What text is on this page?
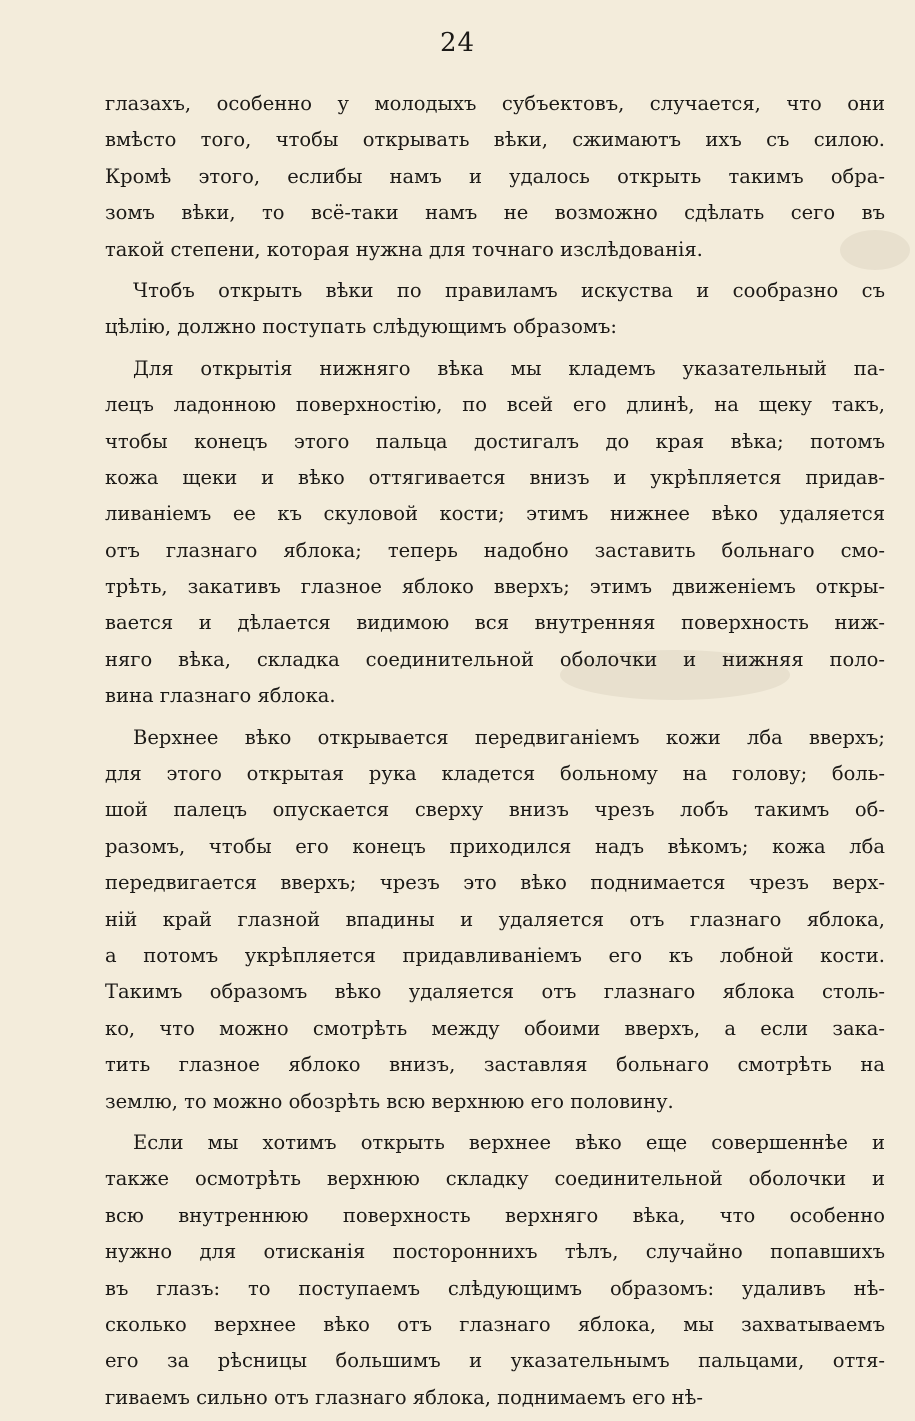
24
глазахъ, особенно у молодыхъ субъектовъ, случается, что они
вмѣсто того, чтобы открывать вѣки, сжимаютъ ихъ съ силою.
Кромѣ этого, еслибы намъ и удалось открыть такимъ обра-
зомъ вѣки, то всё-таки намъ не возможно сдѣлать сего въ
такой степени, которая нужна для точнаго изслѣдованія.
Чтобъ открыть вѣки по правиламъ искуства и сообразно съ
цѣлію, должно поступать слѣдующимъ образомъ:
Для открытія нижняго вѣка мы кладемъ указательный па-
лецъ ладонною поверхностію, по всей его длинѣ, на щеку такъ,
чтобы конецъ этого пальца достигалъ до края вѣка; потомъ
кожа щеки и вѣко оттягивается внизъ и укрѣпляется придав-
ливаніемъ ее къ скуловой кости; этимъ нижнее вѣко удаляется
отъ глазнаго яблока; теперь надобно заставить больнаго смо-
трѣть, закативъ глазное яблоко вверхъ; этимъ движеніемъ откры-
вается и дѣлается видимою вся внутренняя поверхность ниж-
няго вѣка, складка соединительной оболочки и нижняя поло-
вина глазнаго яблока.
Верхнее вѣко открывается передвиганіемъ кожи лба вверхъ;
для этого открытая рука кладется больному на голову; боль-
шой палецъ опускается сверху внизъ чрезъ лобъ такимъ об-
разомъ, чтобы его конецъ приходился надъ вѣкомъ; кожа лба
передвигается вверхъ; чрезъ это вѣко поднимается чрезъ верх-
ній край глазной впадины и удаляется отъ глазнаго яблока,
а потомъ укрѣпляется придавливаніемъ его къ лобной кости.
Такимъ образомъ вѣко удаляется отъ глазнаго яблока столь-
ко, что можно смотрѣть между обоими вверхъ, а если зака-
тить глазное яблоко внизъ, заставляя больнаго смотрѣть на
землю, то можно обозрѣть всю верхнюю его половину.
Если мы хотимъ открыть верхнее вѣко еще совершеннѣе и
также осмотрѣть верхнюю складку соединительной оболочки и
всю внутреннюю поверхность верхняго вѣка, что особенно
нужно для отисканія постороннихъ тѣлъ, случайно попавшихъ
въ глазъ: то поступаемъ слѣдующимъ образомъ: удаливъ нѣ-
сколько верхнее вѣко отъ глазнаго яблока, мы захватываемъ
его за рѣсницы большимъ и указательнымъ пальцами, оття-
гиваемъ сильно отъ глазнаго яблока, поднимаемъ его нѣ-
